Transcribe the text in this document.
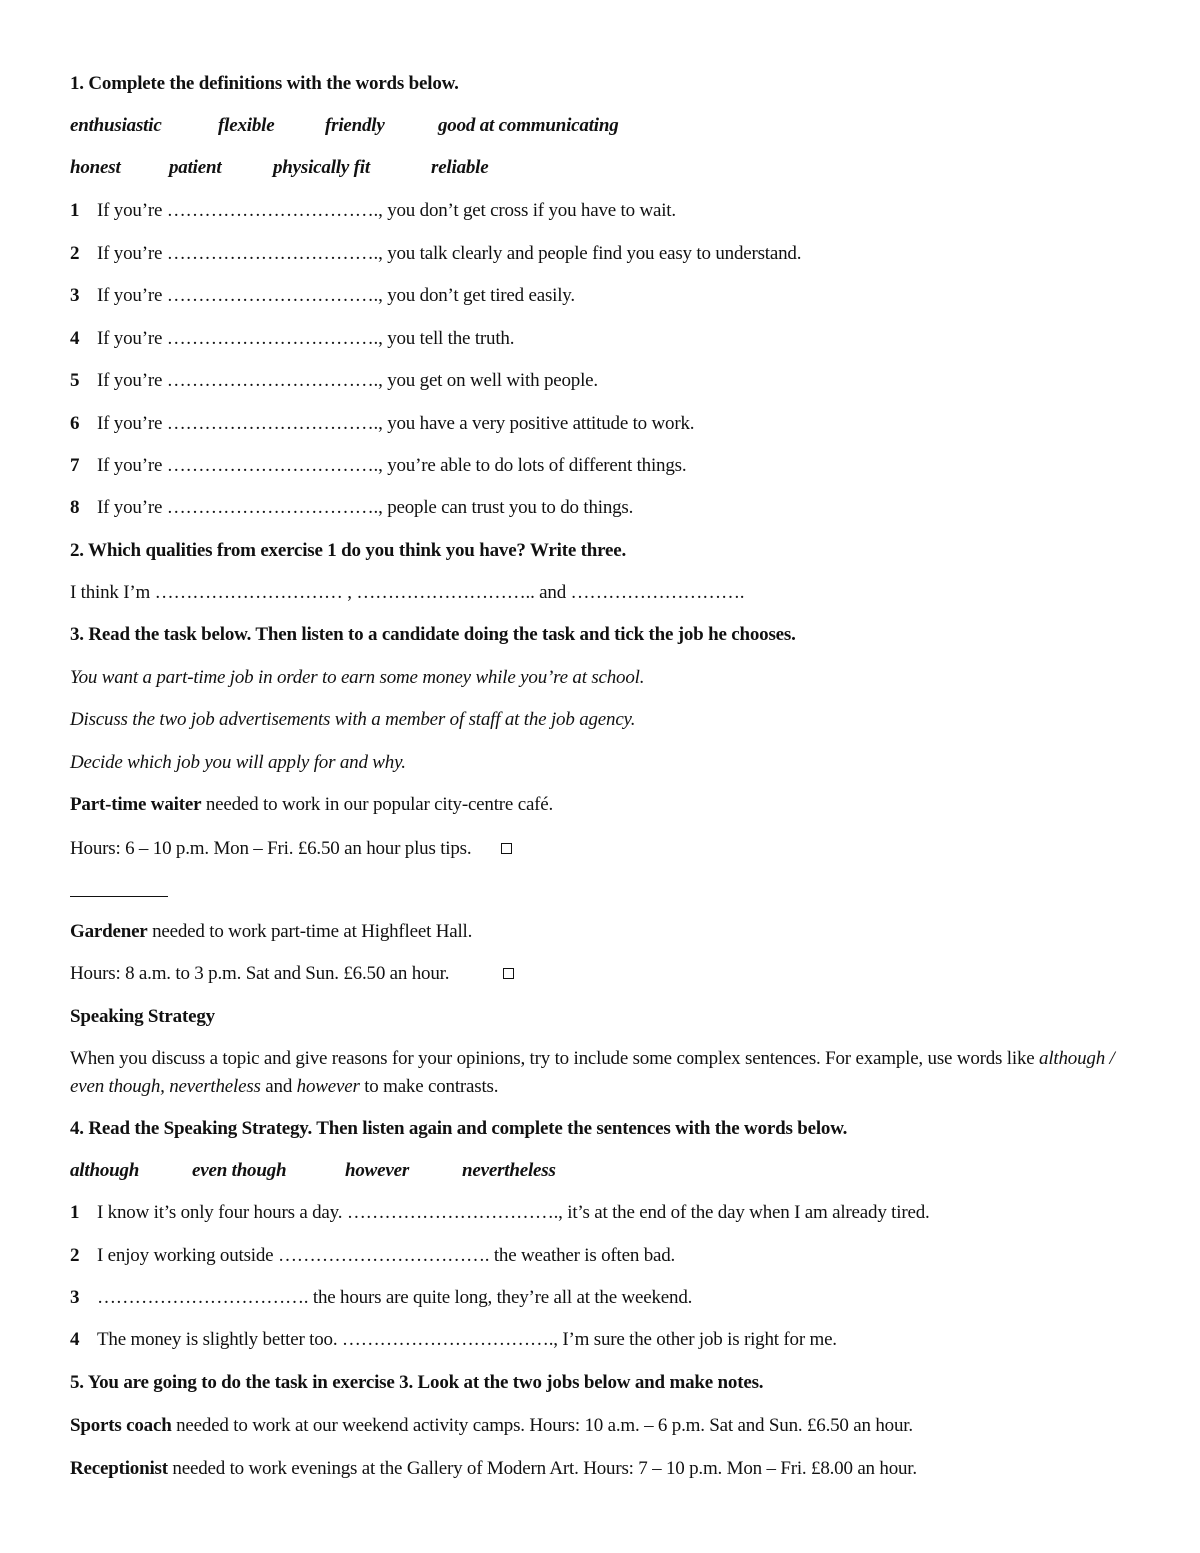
1. Complete the definitions with the words below.
enthusiastic	flexible	friendly	good at communicating
honest	patient	physically fit	reliable
1 If you’re ……………………………., you don’t get cross if you have to wait.
2 If you’re ……………………………., you talk clearly and people find you easy to understand.
3 If you’re ……………………………., you don’t get tired easily.
4 If you’re ……………………………., you tell the truth.
5 If you’re ……………………………., you get on well with people.
6 If you’re ……………………………., you have a very positive attitude to work.
7 If you’re ……………………………., you’re able to do lots of different things.
8 If you’re ……………………………., people can trust you to do things.
2. Which qualities from exercise 1 do you think you have? Write three.
I think I’m ………………………… , ……………………….. and ……………………….
3. Read the task below. Then listen to a candidate doing the task and tick the job he chooses.
You want a part-time job in order to earn some money while you’re at school.
Discuss the two job advertisements with a member of staff at the job agency.
Decide which job you will apply for and why.
Part-time waiter needed to work in our popular city-centre café.
Hours: 6 – 10 p.m. Mon – Fri. £6.50 an hour plus tips.
Gardener needed to work part-time at Highfleet Hall.
Hours: 8 a.m. to 3 p.m. Sat and Sun. £6.50 an hour.
Speaking Strategy
When you discuss a topic and give reasons for your opinions, try to include some complex sentences. For example, use words like although / even though, nevertheless and however to make contrasts.
4. Read the Speaking Strategy. Then listen again and complete the sentences with the words below.
although	even though	however	nevertheless
1 I know it’s only four hours a day. ……………………………., it’s at the end of the day when I am already tired.
2 I enjoy working outside ……………………………. the weather is often bad.
3 ……………………………. the hours are quite long, they’re all at the weekend.
4 The money is slightly better too. ……………………………., I’m sure the other job is right for me.
5. You are going to do the task in exercise 3. Look at the two jobs below and make notes.
Sports coach needed to work at our weekend activity camps. Hours: 10 a.m. – 6 p.m. Sat and Sun. £6.50 an hour.
Receptionist needed to work evenings at the Gallery of Modern Art. Hours: 7 – 10 p.m. Mon – Fri. £8.00 an hour.
